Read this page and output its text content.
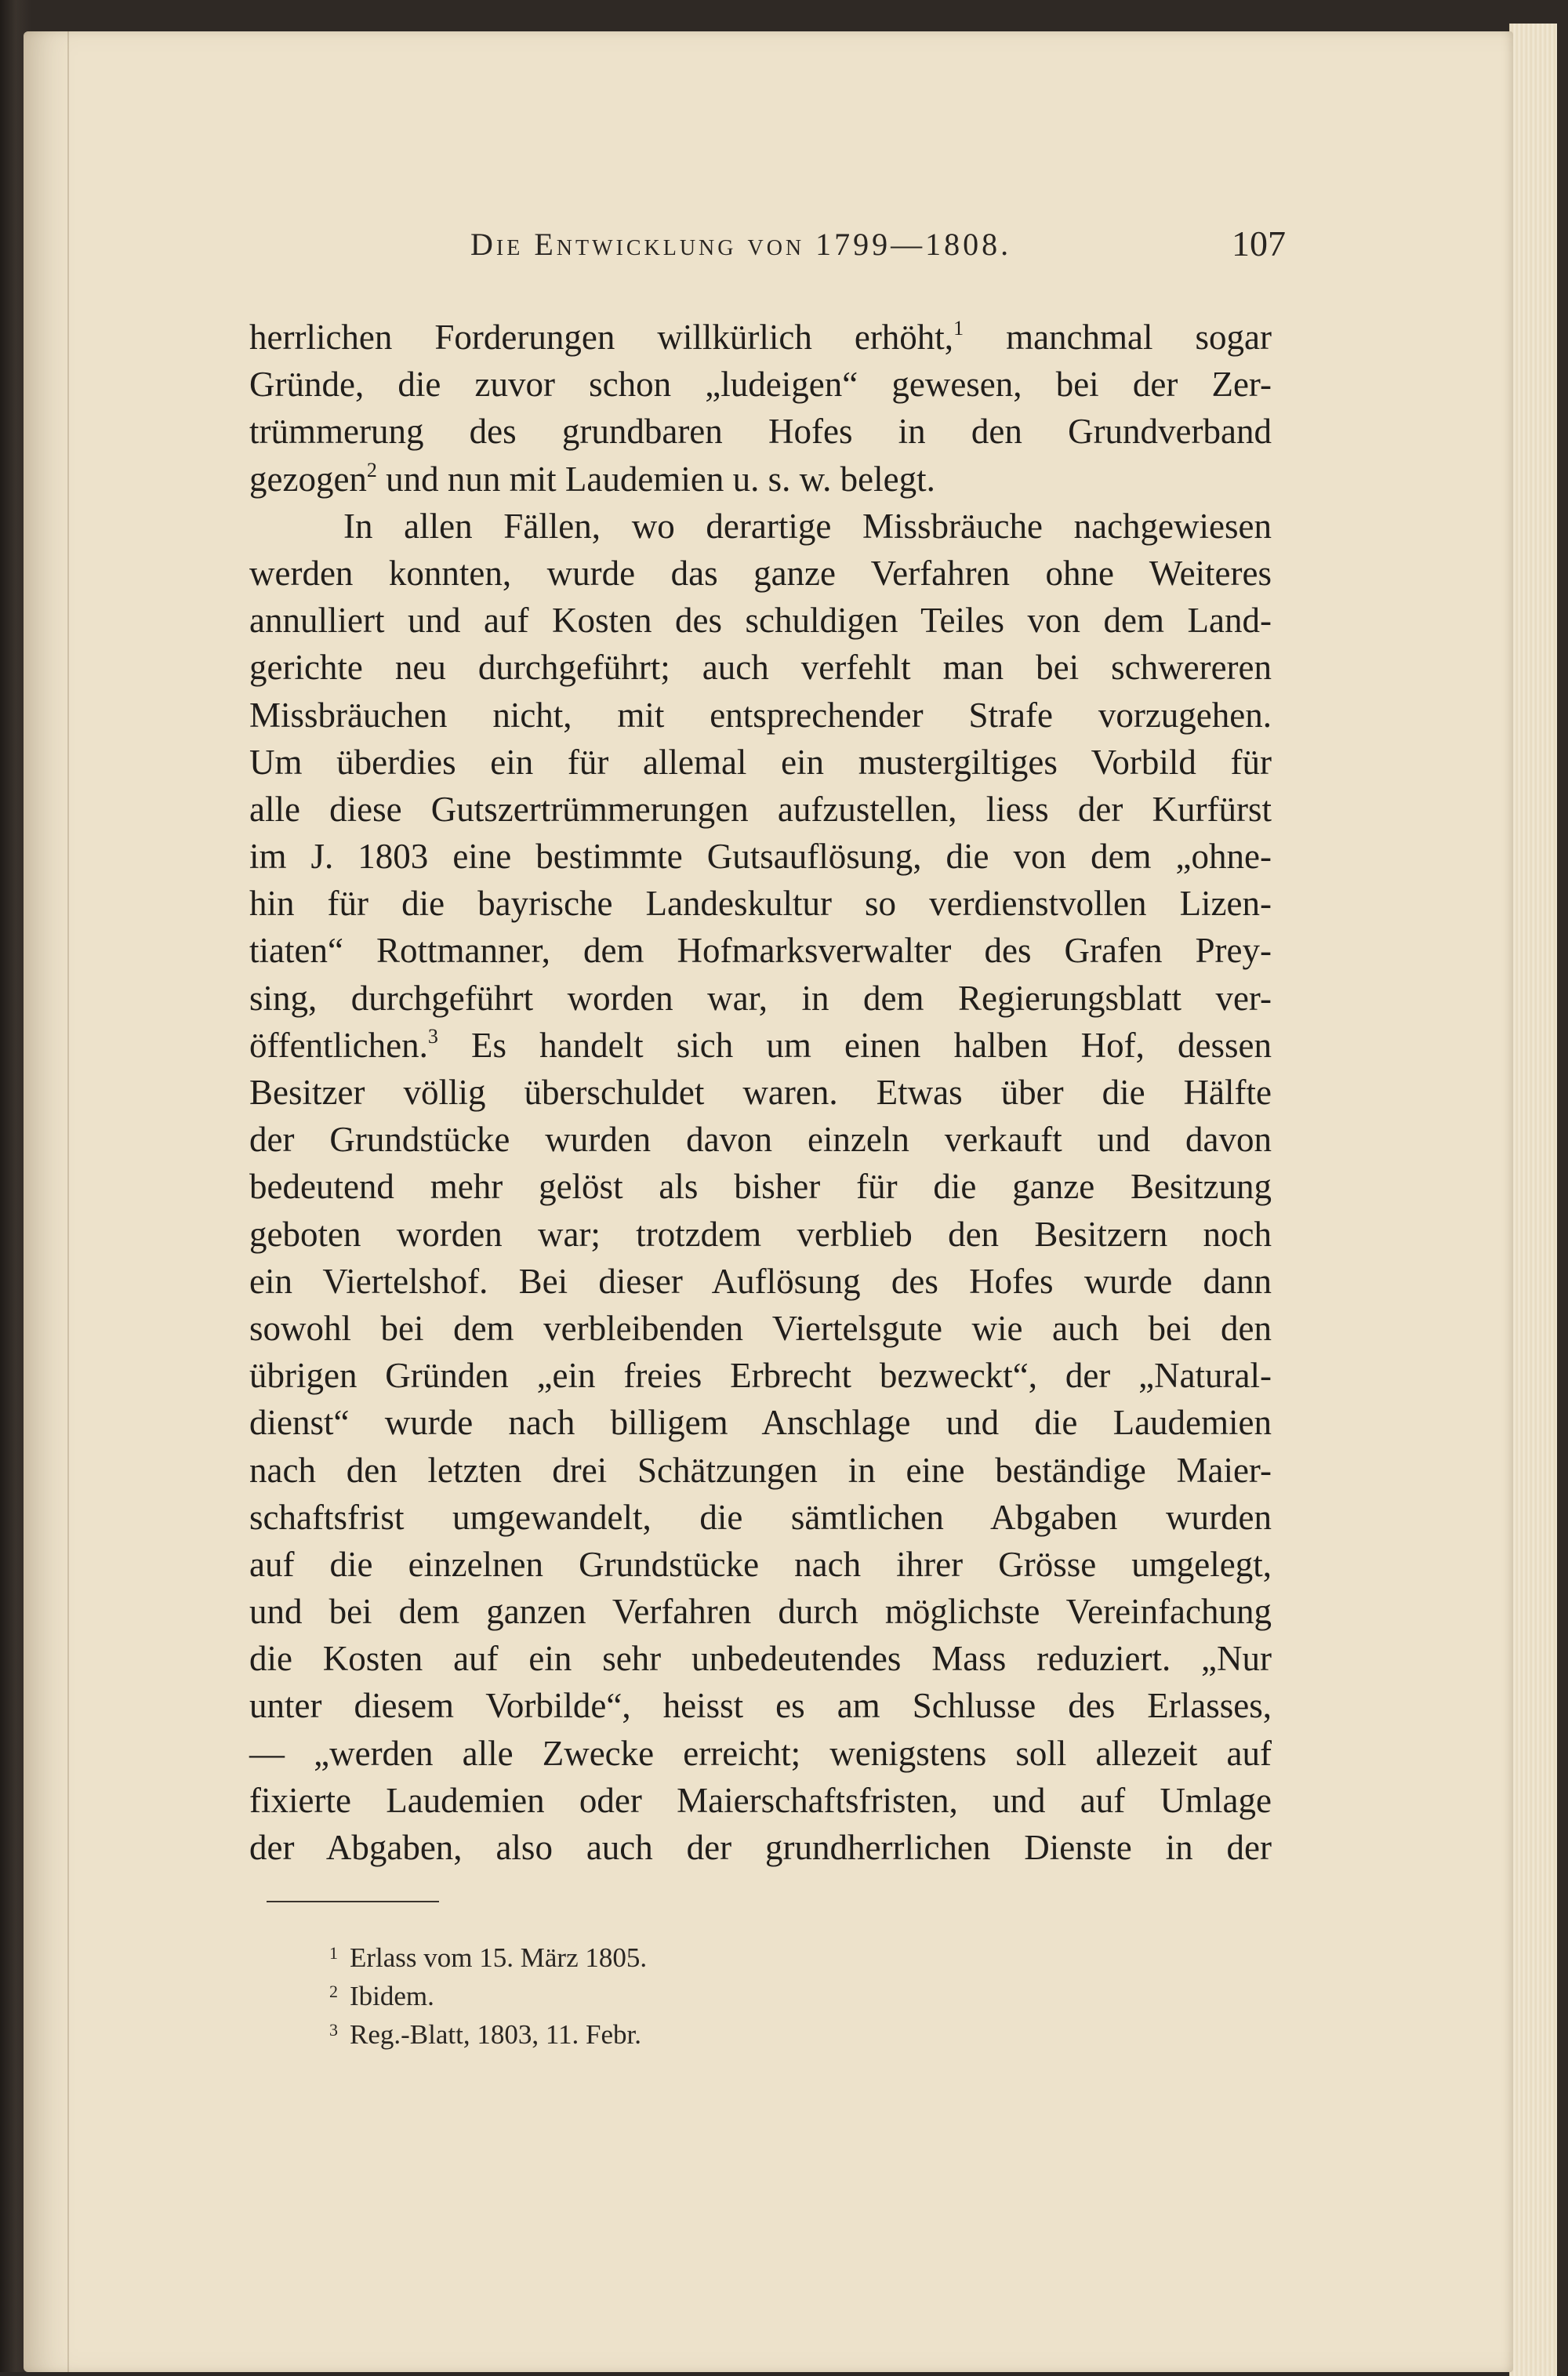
Die Entwicklung von 1799—1808.	107
herrlichen Forderungen willkürlich erhöht,$^1$ manchmal sogar
Gründe, die zuvor schon „ludeigen“ gewesen, bei der Zer-
trümmerung des grundbaren Hofes in den Grundverband
gezogen$^2$ und nun mit Laudemien u. s. w. belegt.
In allen Fällen, wo derartige Missbräuche nachgewiesen
werden konnten, wurde das ganze Verfahren ohne Weiteres
annulliert und auf Kosten des schuldigen Teiles von dem Land-
gerichte neu durchgeführt; auch verfehlt man bei schwereren
Missbräuchen nicht, mit entsprechender Strafe vorzugehen.
Um überdies ein für allemal ein mustergiltiges Vorbild für
alle diese Gutszertrümmerungen aufzustellen, liess der Kurfürst
im J. 1803 eine bestimmte Gutsauflösung, die von dem „ohne-
hin für die bayrische Landeskultur so verdienstvollen Lizen-
tiaten“ Rottmanner, dem Hofmarksverwalter des Grafen Prey-
sing, durchgeführt worden war, in dem Regierungsblatt ver-
öffentlichen.$^3$ Es handelt sich um einen halben Hof, dessen
Besitzer völlig überschuldet waren. Etwas über die Hälfte
der Grundstücke wurden davon einzeln verkauft und davon
bedeutend mehr gelöst als bisher für die ganze Besitzung
geboten worden war; trotzdem verblieb den Besitzern noch
ein Viertelshof. Bei dieser Auflösung des Hofes wurde dann
sowohl bei dem verbleibenden Viertelsgute wie auch bei den
übrigen Gründen „ein freies Erbrecht bezweckt“, der „Natural-
dienst“ wurde nach billigem Anschlage und die Laudemien
nach den letzten drei Schätzungen in eine beständige Maier-
schaftsfrist umgewandelt, die sämtlichen Abgaben wurden
auf die einzelnen Grundstücke nach ihrer Grösse umgelegt,
und bei dem ganzen Verfahren durch möglichste Vereinfachung
die Kosten auf ein sehr unbedeutendes Mass reduziert. „Nur
unter diesem Vorbilde“, heisst es am Schlusse des Erlasses,
— „werden alle Zwecke erreicht; wenigstens soll allezeit auf
fixierte Laudemien oder Maierschaftsfristen, und auf Umlage
der Abgaben, also auch der grundherrlichen Dienste in der
1 Erlass vom 15. März 1805.
2 Ibidem.
3 Reg.-Blatt, 1803, 11. Febr.
